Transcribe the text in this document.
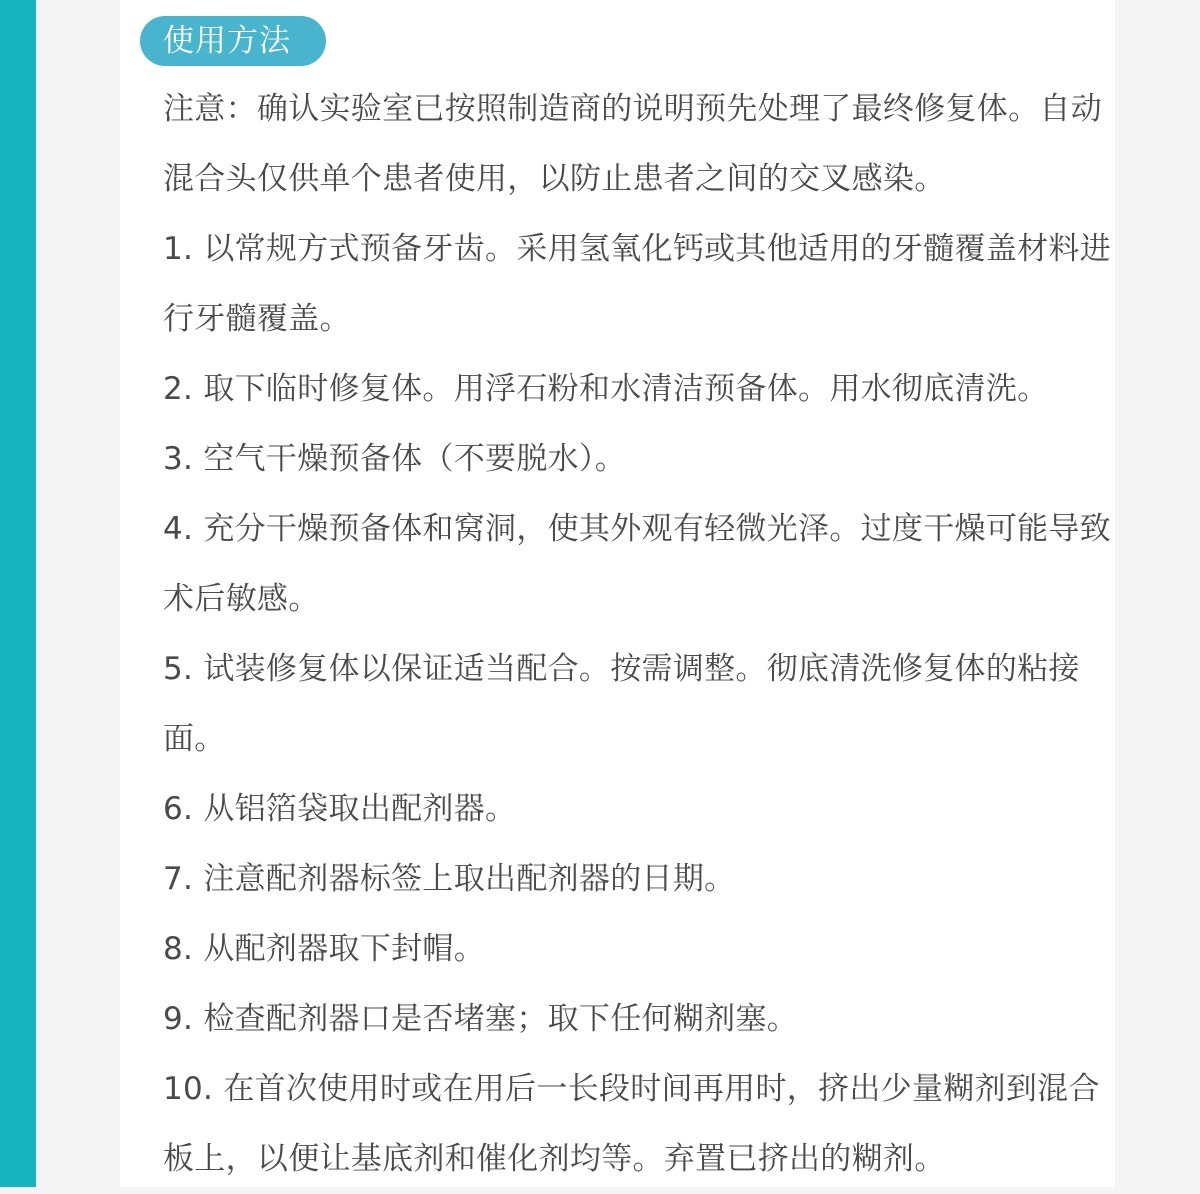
使用方法

注意：确认实验室已按照制造商的说明预先处理了最终修复体。自动混合头仅供单个患者使用，以防止患者之间的交叉感染。

1. 以常规方式预备牙齿。采用氢氧化钙或其他适用的牙髓覆盖材料进行牙髓覆盖。

2. 取下临时修复体。用浮石粉和水清洁预备体。用水彻底清洗。

3. 空气干燥预备体（不要脱水）。

4. 充分干燥预备体和窝洞，使其外观有轻微光泽。过度干燥可能导致术后敏感。

5. 试装修复体以保证适当配合。按需调整。彻底清洗修复体的粘接面。

6. 从铝箔袋取出配剂器。

7. 注意配剂器标签上取出配剂器的日期。

8. 从配剂器取下封帽。

9. 检查配剂器口是否堵塞；取下任何糊剂塞。

10. 在首次使用时或在用后一长段时间再用时，挤出少量糊剂到混合板上，以便让基底剂和催化剂均等。弃置已挤出的糊剂。
